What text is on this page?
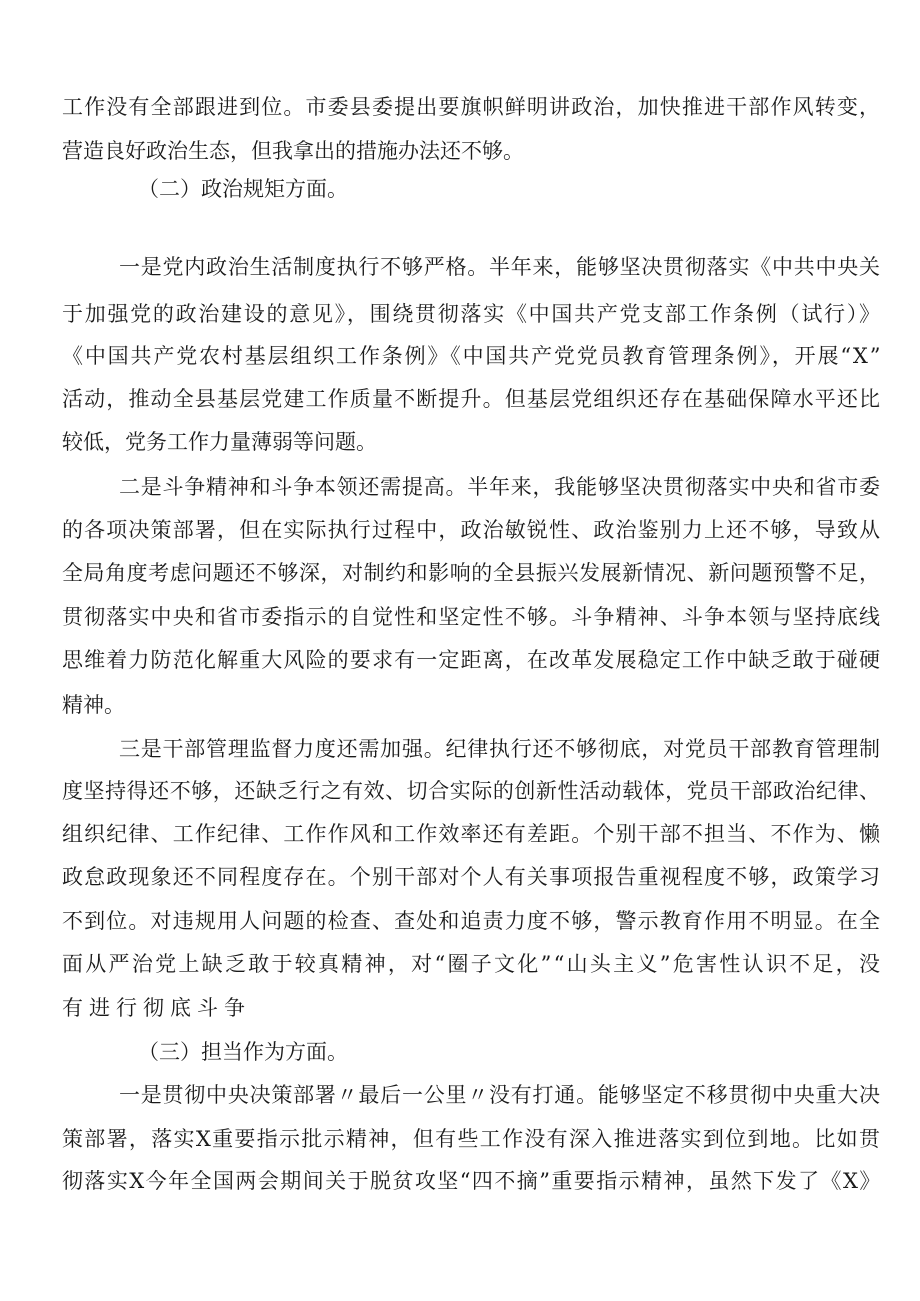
工作没有全部跟进到位。市委县委提出要旗帜鲜明讲政治，加快推进干部作风转变，
营造良好政治生态，但我拿出的措施办法还不够。
（二）政治规矩方面。
一是党内政治生活制度执行不够严格。半年来，能够坚决贯彻落实《中共中央关
于加强党的政治建设的意见》，围绕贯彻落实《中国共产党支部工作条例（试行）》
《中国共产党农村基层组织工作条例》《中国共产党党员教育管理条例》，开展“X”
活动，推动全县基层党建工作质量不断提升。但基层党组织还存在基础保障水平还比
较低，党务工作力量薄弱等问题。
二是斗争精神和斗争本领还需提高。半年来，我能够坚决贯彻落实中央和省市委
的各项决策部署，但在实际执行过程中，政治敏锐性、政治鉴别力上还不够，导致从
全局角度考虑问题还不够深，对制约和影响的全县振兴发展新情况、新问题预警不足，
贯彻落实中央和省市委指示的自觉性和坚定性不够。斗争精神、斗争本领与坚持底线
思维着力防范化解重大风险的要求有一定距离，在改革发展稳定工作中缺乏敢于碰硬
精神。
三是干部管理监督力度还需加强。纪律执行还不够彻底，对党员干部教育管理制
度坚持得还不够，还缺乏行之有效、切合实际的创新性活动载体，党员干部政治纪律、
组织纪律、工作纪律、工作作风和工作效率还有差距。个别干部不担当、不作为、懒
政怠政现象还不同程度存在。个别干部对个人有关事项报告重视程度不够，政策学习
不到位。对违规用人问题的检查、查处和追责力度不够，警示教育作用不明显。在全
面从严治党上缺乏敢于较真精神，对“圈子文化”“山头主义”危害性认识不足，没
有进行彻底斗争
（三）担当作为方面。
一是贯彻中央决策部署〃最后一公里〃没有打通。能够坚定不移贯彻中央重大决
策部署，落实X重要指示批示精神，但有些工作没有深入推进落实到位到地。比如贯
彻落实X今年全国两会期间关于脱贫攻坚“四不摘”重要指示精神，虽然下发了《X》
